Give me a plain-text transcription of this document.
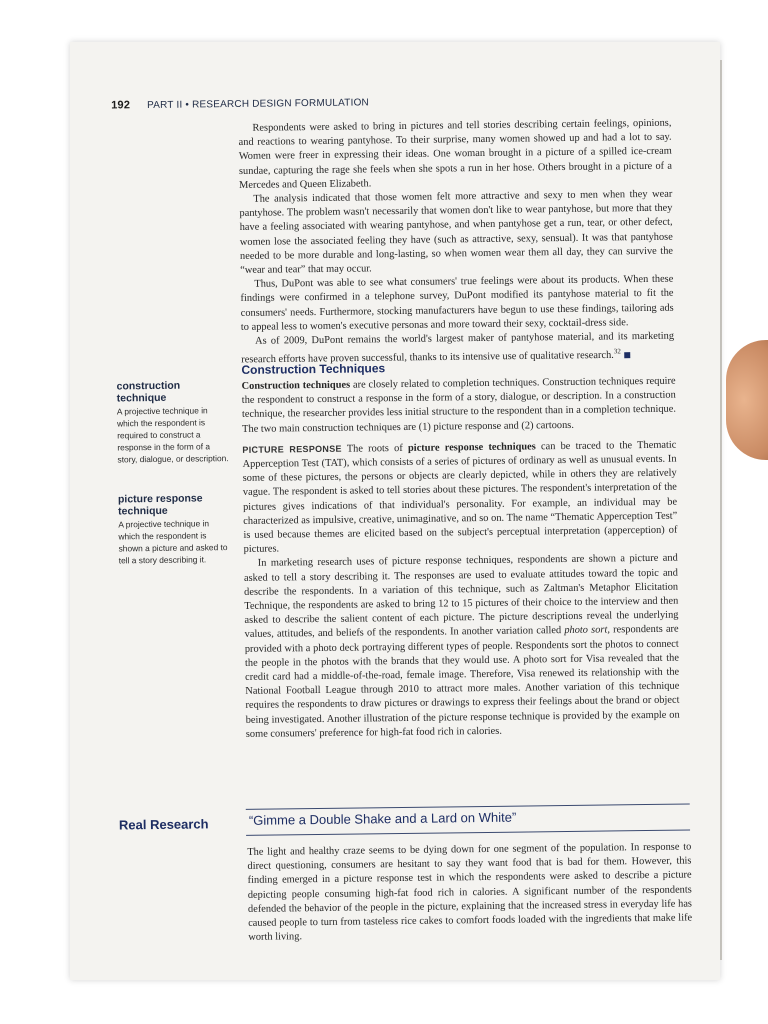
192 PART II • RESEARCH DESIGN FORMULATION

Respondents were asked to bring in pictures and tell stories describing certain feelings, opinions, and reactions to wearing pantyhose. To their surprise, many women showed up and had a lot to say. Women were freer in expressing their ideas. One woman brought in a picture of a spilled ice-cream sundae, capturing the rage she feels when she spots a run in her hose. Others brought in a picture of a Mercedes and Queen Elizabeth.

The analysis indicated that those women felt more attractive and sexy to men when they wear pantyhose. The problem wasn't necessarily that women don't like to wear pantyhose, but more that they have a feeling associated with wearing pantyhose, and when pantyhose get a run, tear, or other defect, women lose the associated feeling they have (such as attractive, sexy, sensual). It was that pantyhose needed to be more durable and long-lasting, so when women wear them all day, they can survive the “wear and tear” that may occur.

Thus, DuPont was able to see what consumers' true feelings were about its products. When these findings were confirmed in a telephone survey, DuPont modified its pantyhose material to fit the consumers' needs. Furthermore, stocking manufacturers have begun to use these findings, tailoring ads to appeal less to women's executive personas and more toward their sexy, cocktail-dress side.

As of 2009, DuPont remains the world's largest maker of pantyhose material, and its marketing research efforts have proven successful, thanks to its intensive use of qualitative research.$^{32}$

Construction Techniques

Construction techniques are closely related to completion techniques. Construction techniques require the respondent to construct a response in the form of a story, dialogue, or description. In a construction technique, the researcher provides less initial structure to the respondent than in a completion technique. The two main construction techniques are (1) picture response and (2) cartoons.

PICTURE RESPONSE The roots of picture response techniques can be traced to the Thematic Apperception Test (TAT), which consists of a series of pictures of ordinary as well as unusual events. In some of these pictures, the persons or objects are clearly depicted, while in others they are relatively vague. The respondent is asked to tell stories about these pictures. The respondent's interpretation of the pictures gives indications of that individual's personality. For example, an individual may be characterized as impulsive, creative, unimaginative, and so on. The name “Thematic Apperception Test” is used because themes are elicited based on the subject's perceptual interpretation (apperception) of pictures.

In marketing research uses of picture response techniques, respondents are shown a picture and asked to tell a story describing it. The responses are used to evaluate attitudes toward the topic and describe the respondents. In a variation of this technique, such as Zaltman's Metaphor Elicitation Technique, the respondents are asked to bring 12 to 15 pictures of their choice to the interview and then asked to describe the salient content of each picture. The picture descriptions reveal the underlying values, attitudes, and beliefs of the respondents. In another variation called photo sort, respondents are provided with a photo deck portraying different types of people. Respondents sort the photos to connect the people in the photos with the brands that they would use. A photo sort for Visa revealed that the credit card had a middle-of-the-road, female image. Therefore, Visa renewed its relationship with the National Football League through 2010 to attract more males. Another variation of this technique requires the respondents to draw pictures or drawings to express their feelings about the brand or object being investigated. Another illustration of the picture response technique is provided by the example on some consumers' preference for high-fat food rich in calories.

construction technique
A projective technique in which the respondent is required to construct a response in the form of a story, dialogue, or description.
picture response technique
A projective technique in which the respondent is shown a picture and asked to tell a story describing it.
Real Research	“Gimme a Double Shake and a Lard on White”

The light and healthy craze seems to be dying down for one segment of the population. In response to direct questioning, consumers are hesitant to say they want food that is bad for them. However, this finding emerged in a picture response test in which the respondents were asked to describe a picture depicting people consuming high-fat food rich in calories. A significant number of the respondents defended the behavior of the people in the picture, explaining that the increased stress in everyday life has caused people to turn from tasteless rice cakes to comfort foods loaded with the ingredients that make life worth living.
